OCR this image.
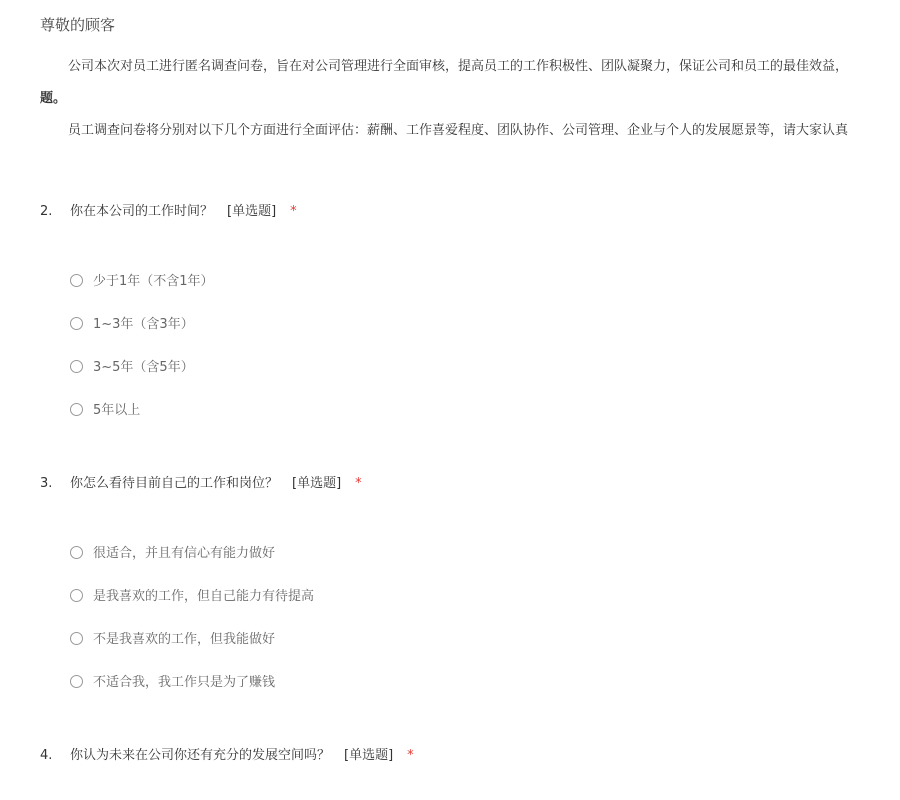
尊敬的顾客
公司本次对员工进行匿名调查问卷，旨在对公司管理进行全面审核，提高员工的工作积极性、团队凝聚力，保证公司和员工的最佳效益，
题。
员工调查问卷将分别对以下几个方面进行全面评估：薪酬、工作喜爱程度、团队协作、公司管理、企业与个人的发展愿景等，请大家认真
2. 你在本公司的工作时间？ [单选题] *
少于1年（不含1年）
1~3年（含3年）
3~5年（含5年）
5年以上
3. 你怎么看待目前自己的工作和岗位？ [单选题] *
很适合，并且有信心有能力做好
是我喜欢的工作，但自己能力有待提高
不是我喜欢的工作，但我能做好
不适合我，我工作只是为了赚钱
4. 你认为未来在公司你还有充分的发展空间吗？ [单选题] *
